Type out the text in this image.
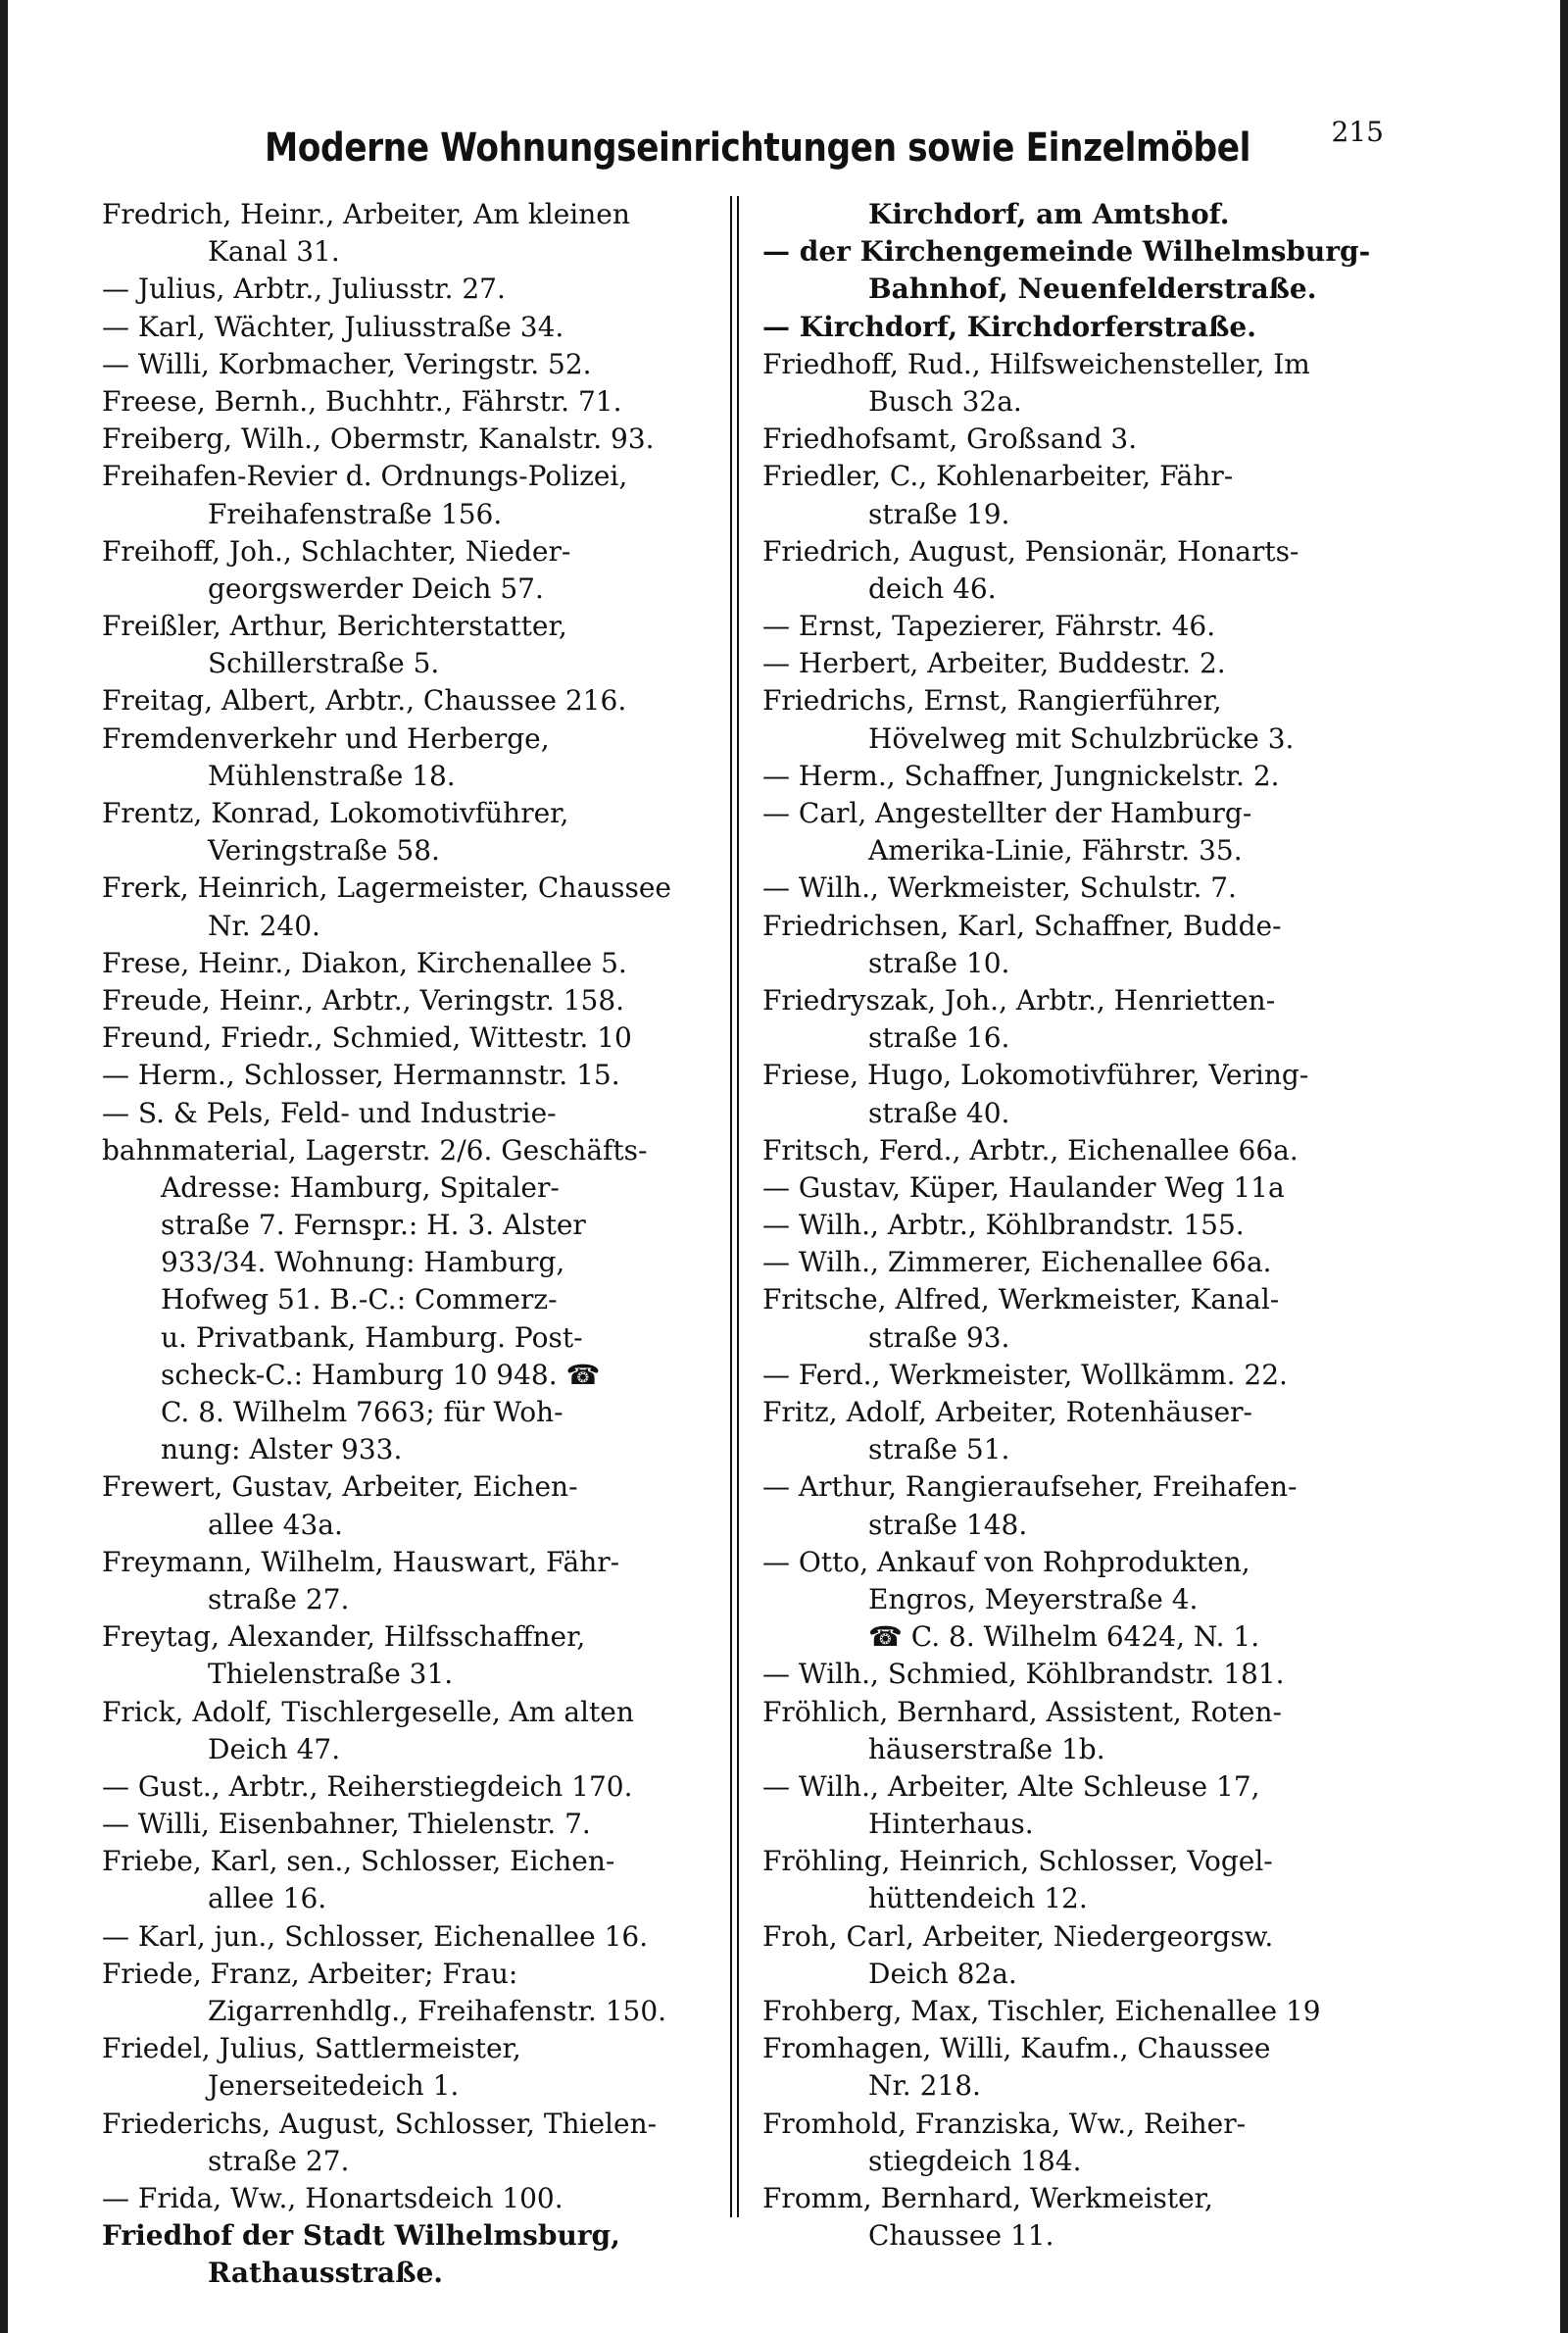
Moderne Wohnungseinrichtungen sowie Einzelmöbel	215
Fredrich, Heinr., Arbeiter, Am kleinen
Kanal 31.
— Julius, Arbtr., Juliusstr. 27.
— Karl, Wächter, Juliusstraße 34.
— Willi, Korbmacher, Veringstr. 52.
Freese, Bernh., Buchhtr., Fährstr. 71.
Freiberg, Wilh., Obermstr, Kanalstr. 93.
Freihafen-Revier d. Ordnungs-Polizei,
Freihafenstraße 156.
Freihoff, Joh., Schlachter, Nieder-
georgswerder Deich 57.
Freißler, Arthur, Berichterstatter,
Schillerstraße 5.
Freitag, Albert, Arbtr., Chaussee 216.
Fremdenverkehr und Herberge,
Mühlenstraße 18.
Frentz, Konrad, Lokomotivführer,
Veringstraße 58.
Frerk, Heinrich, Lagermeister, Chaussee
Nr. 240.
Frese, Heinr., Diakon, Kirchenallee 5.
Freude, Heinr., Arbtr., Veringstr. 158.
Freund, Friedr., Schmied, Wittestr. 10
— Herm., Schlosser, Hermannstr. 15.
— S. & Pels, Feld- und Industrie-
bahnmaterial, Lagerstr. 2/6. Geschäfts-
Adresse: Hamburg, Spitaler-
straße 7. Fernspr.: H. 3. Alster
933/34. Wohnung: Hamburg,
Hofweg 51. B.-C.: Commerz-
u. Privatbank, Hamburg. Post-
scheck-C.: Hamburg 10 948. ☎
C. 8. Wilhelm 7663; für Woh-
nung: Alster 933.
Frewert, Gustav, Arbeiter, Eichen-
allee 43a.
Freymann, Wilhelm, Hauswart, Fähr-
straße 27.
Freytag, Alexander, Hilfsschaffner,
Thielenstraße 31.
Frick, Adolf, Tischlergeselle, Am alten
Deich 47.
— Gust., Arbtr., Reiherstiegdeich 170.
— Willi, Eisenbahner, Thielenstr. 7.
Friebe, Karl, sen., Schlosser, Eichen-
allee 16.
— Karl, jun., Schlosser, Eichenallee 16.
Friede, Franz, Arbeiter; Frau:
Zigarrenhdlg., Freihafenstr. 150.
Friedel, Julius, Sattlermeister,
Jenerseitedeich 1.
Friederichs, August, Schlosser, Thielen-
straße 27.
— Frida, Ww., Honartsdeich 100.
Friedhof der Stadt Wilhelmsburg,
Rathausstraße.
Kirchdorf, am Amtshof.
— der Kirchengemeinde Wilhelmsburg-
Bahnhof, Neuenfelderstraße.
— Kirchdorf, Kirchdorferstraße.
Friedhoff, Rud., Hilfsweichensteller, Im
Busch 32a.
Friedhofsamt, Großsand 3.
Friedler, C., Kohlenarbeiter, Fähr-
straße 19.
Friedrich, August, Pensionär, Honarts-
deich 46.
— Ernst, Tapezierer, Fährstr. 46.
— Herbert, Arbeiter, Buddestr. 2.
Friedrichs, Ernst, Rangierführer,
Hövelweg mit Schulzbrücke 3.
— Herm., Schaffner, Jungnickelstr. 2.
— Carl, Angestellter der Hamburg-
Amerika-Linie, Fährstr. 35.
— Wilh., Werkmeister, Schulstr. 7.
Friedrichsen, Karl, Schaffner, Budde-
straße 10.
Friedryszak, Joh., Arbtr., Henrietten-
straße 16.
Friese, Hugo, Lokomotivführer, Vering-
straße 40.
Fritsch, Ferd., Arbtr., Eichenallee 66a.
— Gustav, Küper, Haulander Weg 11a
— Wilh., Arbtr., Köhlbrandstr. 155.
— Wilh., Zimmerer, Eichenallee 66a.
Fritsche, Alfred, Werkmeister, Kanal-
straße 93.
— Ferd., Werkmeister, Wollkämm. 22.
Fritz, Adolf, Arbeiter, Rotenhäuser-
straße 51.
— Arthur, Rangieraufseher, Freihafen-
straße 148.
— Otto, Ankauf von Rohprodukten,
Engros, Meyerstraße 4.
☎ C. 8. Wilhelm 6424, N. 1.
— Wilh., Schmied, Köhlbrandstr. 181.
Fröhlich, Bernhard, Assistent, Roten-
häuserstraße 1b.
— Wilh., Arbeiter, Alte Schleuse 17,
Hinterhaus.
Fröhling, Heinrich, Schlosser, Vogel-
hüttendeich 12.
Froh, Carl, Arbeiter, Niedergeorgsw.
Deich 82a.
Frohberg, Max, Tischler, Eichenallee 19
Fromhagen, Willi, Kaufm., Chaussee
Nr. 218.
Fromhold, Franziska, Ww., Reiher-
stiegdeich 184.
Fromm, Bernhard, Werkmeister,
Chaussee 11.
